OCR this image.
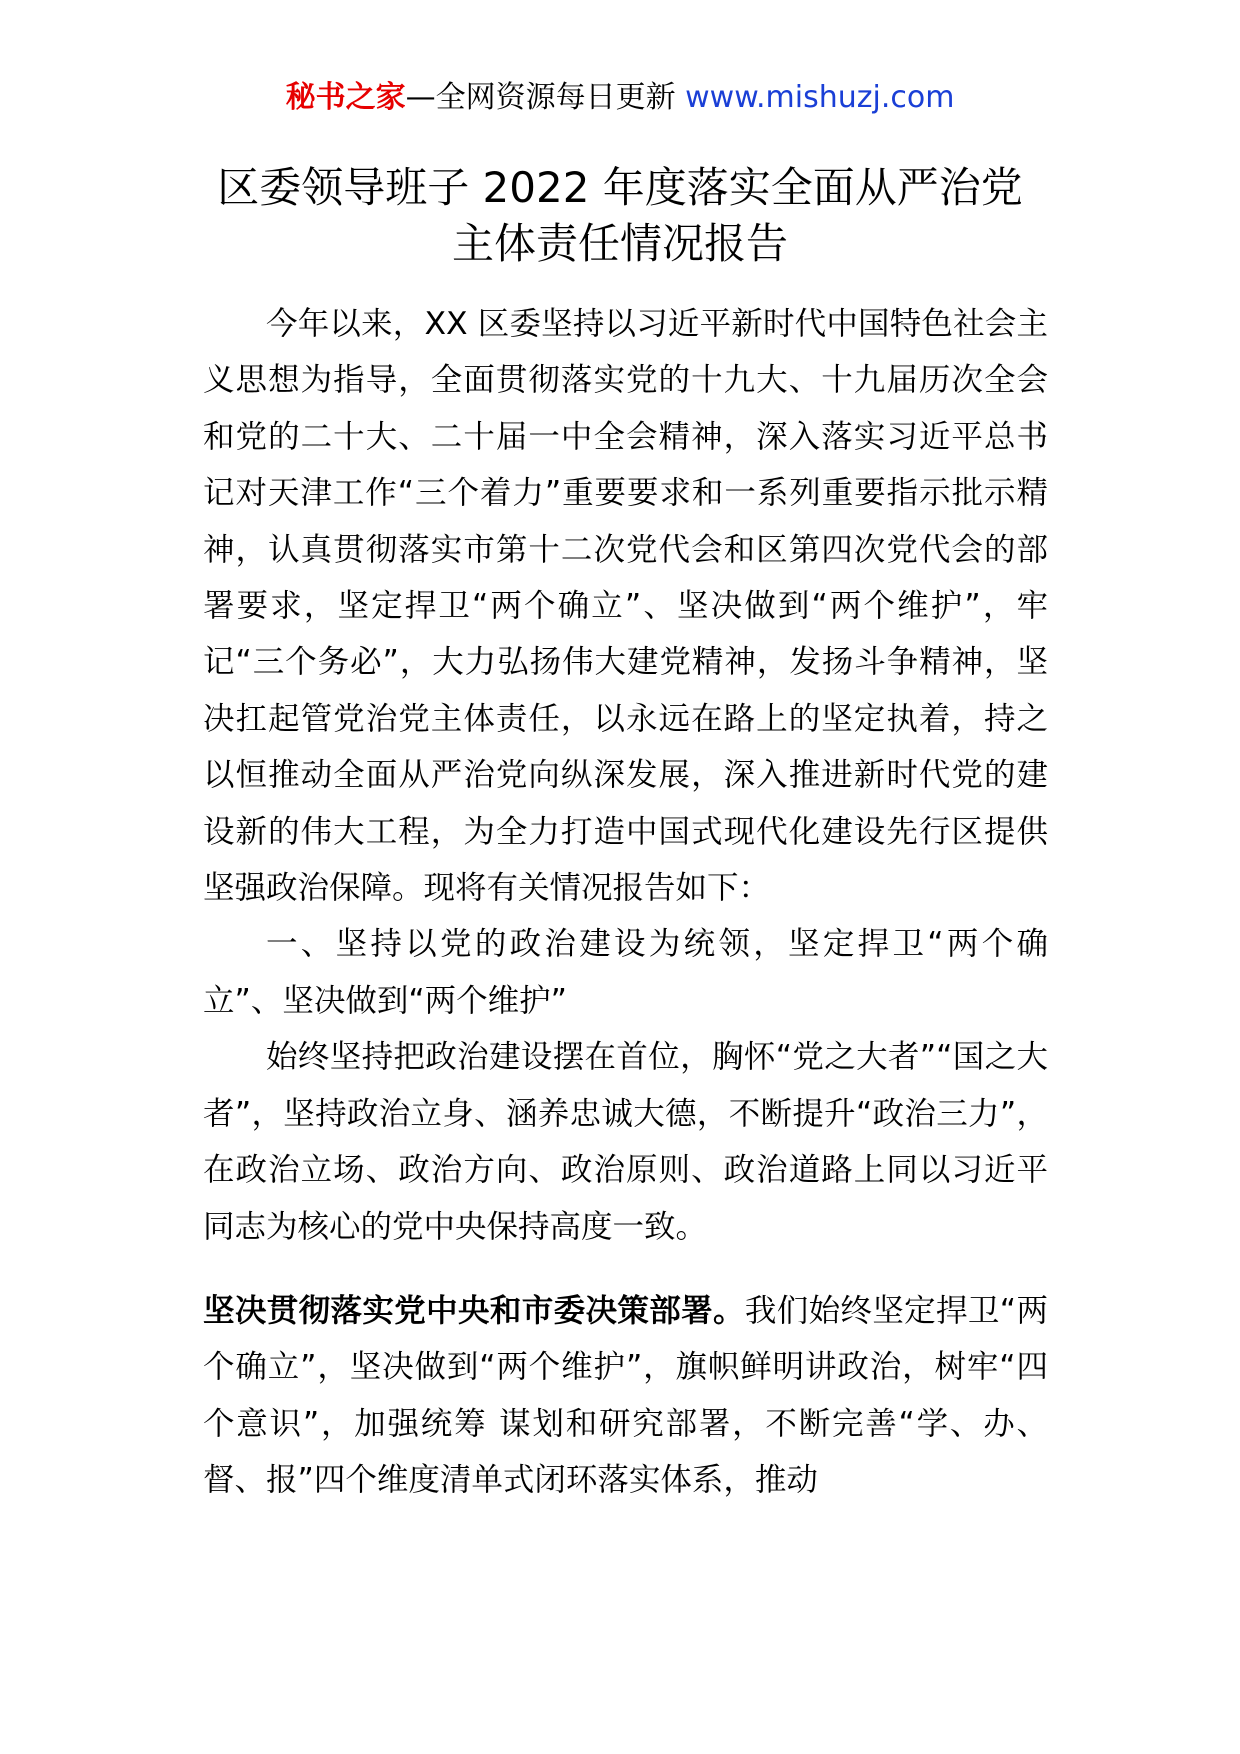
秘书之家—全网资源每日更新 www.mishuzj.com
区委领导班子 2022 年度落实全面从严治党
主体责任情况报告

今年以来，XX 区委坚持以习近平新时代中国特色社会主义思想为指导，全面贯彻落实党的十九大、十九届历次全会和党的二十大、二十届一中全会精神，深入落实习近平总书记对天津工作“三个着力”重要要求和一系列重要指示批示精神，认真贯彻落实市第十二次党代会和区第四次党代会的部署要求，坚定捍卫“两个确立”、坚决做到“两个维护”，牢记“三个务必”，大力弘扬伟大建党精神，发扬斗争精神，坚决扛起管党治党主体责任，以永远在路上的坚定执着，持之以恒推动全面从严治党向纵深发展，深入推进新时代党的建设新的伟大工程，为全力打造中国式现代化建设先行区提供坚强政治保障。现将有关情况报告如下：

一、坚持以党的政治建设为统领，坚定捍卫“两个确立”、坚决做到“两个维护”

始终坚持把政治建设摆在首位，胸怀“党之大者”“国之大者”，坚持政治立身、涵养忠诚大德，不断提升“政治三力”，在政治立场、政治方向、政治原则、政治道路上同以习近平同志为核心的党中央保持高度一致。

坚决贯彻落实党中央和市委决策部署。我们始终坚定捍卫“两个确立”，坚决做到“两个维护”，旗帜鲜明讲政治，树牢“四个意识”，加强统筹 谋划和研究部署，不断完善“学、办、督、报”四个维度清单式闭环落实体系，推动
